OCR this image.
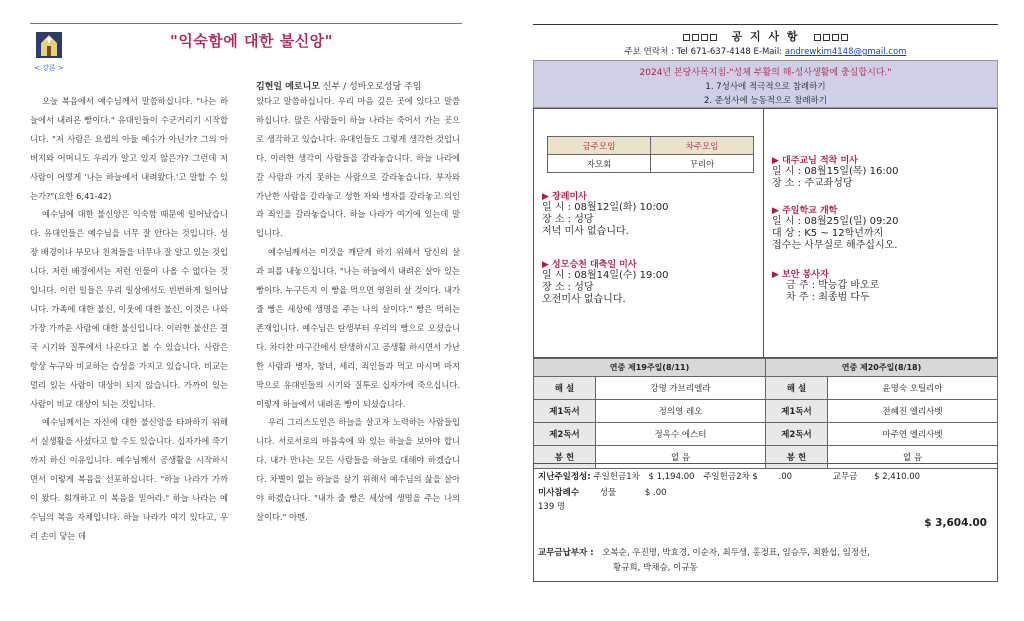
< 강론 >
"익숙함에 대한 불신앙"
김현일 예로니모 신부 / 성바오로성당 주임

오늘 복음에서 예수님께서 말씀하십니다. "나는 하늘에서 내려온 빵이다." 유대인들이 수군거리기 시작합니다. "저 사람은 요셉의 아들 예수가 아닌가? 그의 아버지와 어머니도 우리가 알고 있지 않은가? 그런데 저 사람이 어떻게 '나는 하늘에서 내려왔다.'고 말할 수 있는가?"(요한 6,41-42)

예수님에 대한 불신앙은 익숙함 때문에 일어났습니다. 유대인들은 예수님을 너무 잘 안다는 것입니다. 성장 배경이나 부모나 친척들을 너무나 잘 알고 있는 것입니다. 저런 배경에서는 저런 인물이 나올 수 없다는 것입니다. 이런 일들은 우리 일상에서도 빈번하게 일어납니다. 가족에 대한 불신, 이웃에 대한 불신, 이것은 나와 가장 가까운 사람에 대한 불신입니다. 이러한 불신은 결국 시기와 질투에서 나온다고 볼 수 있습니다. 사람은 항상 누구와 비교하는 습성을 가지고 있습니다. 비교는 멀리 있는 사람이 대상이 되지 않습니다. 가까이 있는 사람이 비교 대상이 되는 것입니다.

예수님께서는 자신에 대한 불신앙을 타파하기 위해서 실생활을 사셨다고 할 수도 있습니다. 십자가에 죽기까지 하신 이유입니다. 예수님께서 공생활을 시작하시면서 이렇게 복음을 선포하십니다. "하늘 나라가 가까이 왔다. 회개하고 이 복음을 믿어라." 하늘 나라는 예수님의 복음 자체입니다. 하늘 나라가 여기 있다고, 우리 손이 닿는 데

있다고 말씀하십니다. 우리 마음 깊은 곳에 있다고 말씀하십니다. 많은 사람들이 하늘 나라는 죽어서 가는 곳으로 생각하고 있습니다. 유대인들도 그렇게 생각한 것입니다. 이러한 생각이 사람들을 갈라놓습니다. 하늘 나라에 갈 사람과 가지 못하는 사람으로 갈라놓습니다. 부자와 가난한 사람을 갈라놓고 성한 자와 병자를 갈라놓고 의인과 죄인을 갈라놓습니다. 하늘 나라가 여기에 있는데 말입니다.

예수님께서는 이것을 깨닫게 하기 위해서 당신의 살과 피를 내놓으십니다. "나는 하늘에서 내려온 살아 있는 빵이다. 누구든지 이 빵을 먹으면 영원히 살 것이다. 내가 줄 빵은 세상에 생명을 주는 나의 살이다." 빵은 먹히는 존재입니다. 예수님은 탄생부터 우리의 빵으로 오셨습니다. 차디찬 마구간에서 탄생하시고 공생활 하시면서 가난한 사람과 병자, 창녀, 세리, 죄인들과 먹고 마시며 마지막으로 유대인들의 시기와 질투로 십자가에 죽으십니다. 이렇게 하늘에서 내려온 빵이 되셨습니다.

우리 그리스도인은 하늘을 살고자 노력하는 사람들입니다. 서로서로의 마음속에 와 있는 하늘을 보아야 합니다. 내가 만나는 모든 사람들을 하늘로 대해야 하겠습니다. 차별이 없는 하늘을 살기 위해서 예수님의 삶을 살아야 하겠습니다. "내가 줄 빵은 세상에 생명을 주는 나의 살이다." 아멘.

공 지 사 항
주보 연락처 : Tel 671-637-4148 E-Mail: andrewkim4148@gmail.com
2024년 본당사목지침-"성체 부활의 해-성사생활에 충실합시다."
1. 7성사에 적극적으로 참례하기
2. 준성사에 능동적으로 참례하기
금주모임	차주모임
자모회	꾸리아
▶ 장례미사
일 시 : 08월12일(화) 10:00
장 소 : 성당
저녁 미사 없습니다.
▶ 성모승천 대축일 미사
일 시 : 08월14일(수) 19:00
장 소 : 성당
오전미사 없습니다.
▶ 대주교님 적착 미사
일 시 : 08월15일(목) 16:00
장 소 : 주교좌성당
▶ 주일학교 개학
일 시 : 08월25일(일) 09:20
대 상 : K5 ~ 12학년까지
접수는 사무실로 해주십시오.
▶ 보안 봉사자
금 주 : 박능갑 바오로
차 주 : 최종범 다두
연중 제19주일(8/11)		연중 제20주일(8/18)	
해 설	강명 가브리엘라	해 설	윤명숙 오틸리아
제1독서	정의영 레오	제1독서	전혜진 엘리사벳
제2독서	정옥수 에스터	제2독서	마주연 엘리사벳
봉 헌	없 음	봉 헌	없 음
지난주일정성: 주일헌금1차 $ 1,194.00 주일헌금2차 $ .00	교무금 $ 2,410.00
미사참례수 성물	$ .00
139 명
$ 3,604.00
교무금납부자 : 오복순, 우진명, 박효경, 이순자, 최두생, 홍정표, 임승두, 최환섭, 임정선,
황규희, 박채승, 이규동
